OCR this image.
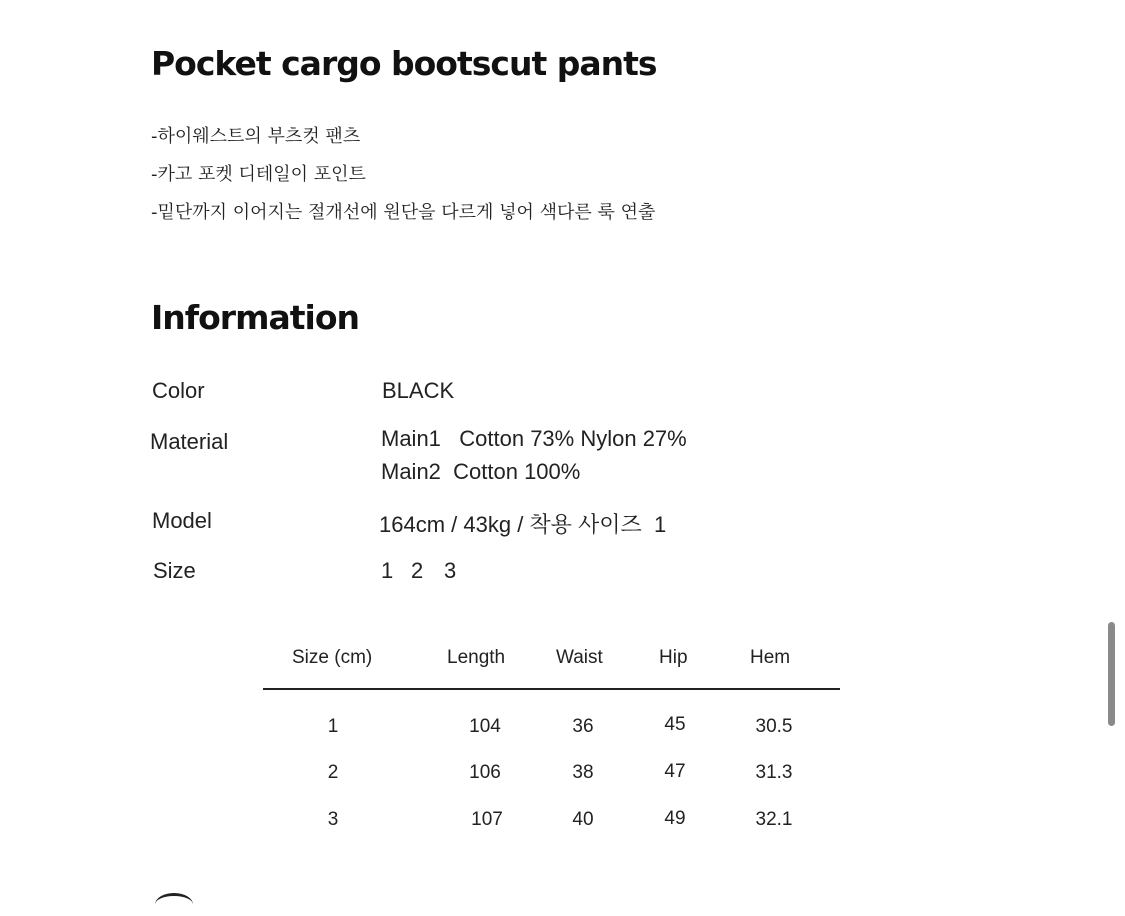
Pocket cargo bootscut pants
-하이웨스트의 부츠컷 팬츠
-카고 포켓 디테일이 포인트
-밑단까지 이어지는 절개선에 원단을 다르게 넣어 색다른 룩 연출
Information
Color	BLACK
Material	Main1   Cotton 73% Nylon 27%
Main2  Cotton 100%
Model	164cm / 43kg / 착용 사이즈  1
Size	1 2 3
Size (cm)	Length	Waist	Hip	Hem
1	104	36	45	30.5
2	106	38	47	31.3
3	107	40	49	32.1
